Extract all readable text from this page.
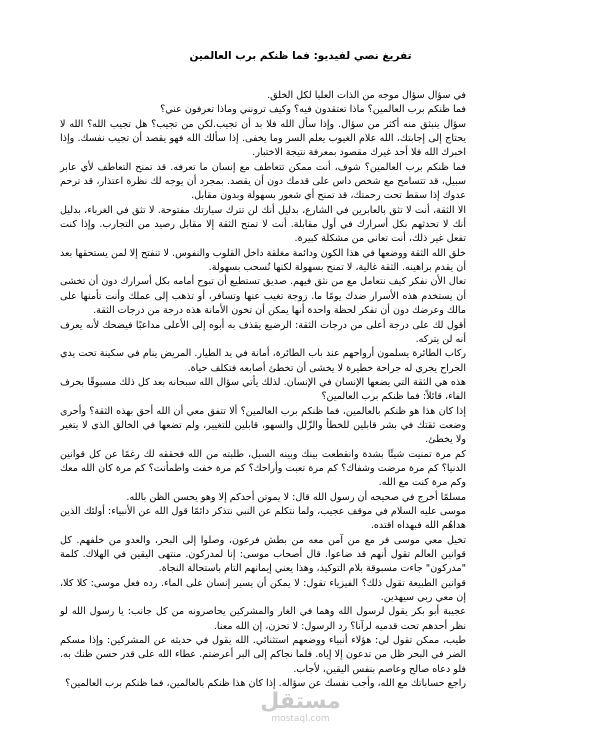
تفريغ نصي لفيديو: فما ظنكم برب العالمين

في سؤال سؤال موجه من الذات العليا لكل الخلق.

فما ظنكم برب العالمين؟ ماذا تعتقدون فيه؟ وكيف ترونني وماذا تعرفون عني؟

سؤال ينبثق منه أكثر من سؤال. وإذا سأل الله فلا بد أن تجيب.لكن من تجيب؟ هل تجيب الله؟ الله لا يحتاج إلى إجابتك، الله علام الغيوب يعلم السر وما يخفى. إذا سألك الله فهو يقصد أن تجيب نفسك. وإذا اخبرك الله فلا أحد غيرك مقصود بمعرفة نتيجة الاختبار.

فما ظنكم برب العالمين؟ شوف، أنت ممكن تتعاطف مع إنسان ما تعرفه. قد تمنح التعاطف لأي عابر سبيل، قد تتسامح مع شخص داس على قدمك دون أن يقصد. بمجرد أن يوجه لك نظرة اعتذار، قد ترحم عدوك إذا سقط تحت رحمتك، قد تمنح أي شعور بسهولة وبدون مقابل.

الا الثقة، أنت لا تثق بالعابرين في الشارع، بدليل أنك لن تترك سيارتك مفتوحة. لا تثق في الغرباء، بدليل أنك لا تحدثهم بكل أسرارك في أول مقابلة. أنت لا تمنح الثقة إلا مقابل رصيد من التجارب. وإذا كنت تفعل غير ذلك، أنت تعاني من مشكلة كبيرة.

خلق الله الثقة ووضعها في هذا الكون ودائمة مغلقة داخل القلوب والنفوس. لا تنفتح إلا لمن يستحقها بعد أن يقدم براهينه. الثقة غالية، لا تمنح بسهولة لكنها تُسحب بسهولة.

تعال الأن نفكر كيف نتعامل مع من نثق فيهم. صديق تستطيع أن تبوح أمامه بكل أسرارك دون أن تخشى أن يستخدم هذه الأسرار ضدك يومًا ما. زوجة تغيب عنها وتسافر، أو تذهب إلى عملك وأنت تأمنها على مالك وعرضك دون أن تفكر لحظة واحدة أنها يمكن أن تخون الأمانة هذه درجة من درجات الثقة.

أقول لك على درجة أعلى من درجات الثقة: الرضيع يقذف به أبوه إلى الأعلى مداعبًا فيضحك لأنه يعرف أنه لن يتركه.

ركاب الطائرة يسلمون أرواحهم عند باب الطائرة، أمانة في يد الطيار. المريض ينام في سكينة تحت يدي الجراح يجري له جراحة خطيرة لا يخشى أن تخطئ أصابعه فتكلف حياة.

هذه هي الثقة التي يضعها الإنسان في الإنسان. لذلك يأتي سؤال الله سبحانه بعد كل ذلك مسبوقًا بحرف الفاء، قائلاً: فما ظنكم برب العالمين؟

إذا كان هذا هو ظنكم بالعالمين، فما ظنكم برب العالمين؟ ألا تتفق معي أن الله أحق بهذه الثقة؟ وأحرى وضعت ثقتك في بشر قابلين للخطأ والزّلل والسهو، قابلين للتغيير، ولم تضعها في الخالق الذي لا يتغير ولا يخطئ.

كم مرة تمنيت شيئًا بشدة وانقطعت بينك وبينه السبل، طلبته من الله فحققه لك رغمًا عن كل قوانين الدنيا؟ كم مرة مرضت وشفاك؟ كم مرة تعبت وأراحك؟ كم مرة خفت واطمأنت؟ كم مرة كان الله معك وكم مرة كنت مع الله.

مسلمًا أخرج في صحيحه أن رسول الله قال: لا يموتن أحدكم إلا وهو يحسن الظن بالله.

موسى عليه السلام في موقف عجيب، ولما نتكلم عن النبي نتذكر دائمًا قول الله عن الأنبياء: أولئك الذين هداهُم الله فبهداه اقتده.

تخيل معي موسى فر مع من آمن معه من بطش فرعون، وصلوا إلى البحر، والعدو من خلفهم. كل قوانين العالم تقول أنهم قد ضاعوا. قال أصحاب موسى: إنا لمدركون. منتهى اليقين في الهلاك. كلمة "مدركون" جاءت مسبوقة بلام التوكيد، وهذا يعني إيمانهم التام باستحالة النجاة.

قوانين الطبيعة تقول ذلك؟ الفيزياء تقول: لا يمكن أن يسير إنسان على الماء. رده فعل موسى: كلا كلا، إن معي ربي سيهدين.

عجيبة أبو بكر يقول لرسول الله وهما في الغار والمشركين يحاصرونه من كل جانب: يا رسول الله لو نظر أحدهم تحت قدميه لرآنا؟ رد الرسول: لا تحزن، إن الله معنا.

طيب، ممكن تقول لي: هؤلاء أنبياء ووضعهم استثنائي. الله يقول في حديثه عن المشركين: وإذا مسكم الضر في البحر ظل من تدعون إلا إياه. فلما نجاكم إلى البر أعرضتم. عطاء الله على قدر حسن ظنك به. فلو دعاه صالح وعاصم بنفس اليقين، لأجاب.

راجع حساباتك مع الله، وأجب نفسك عن سؤاله. إذا كان هذا ظنكم بالعالمين، فما ظنكم برب العالمين؟

مستقل
mostaql.com
